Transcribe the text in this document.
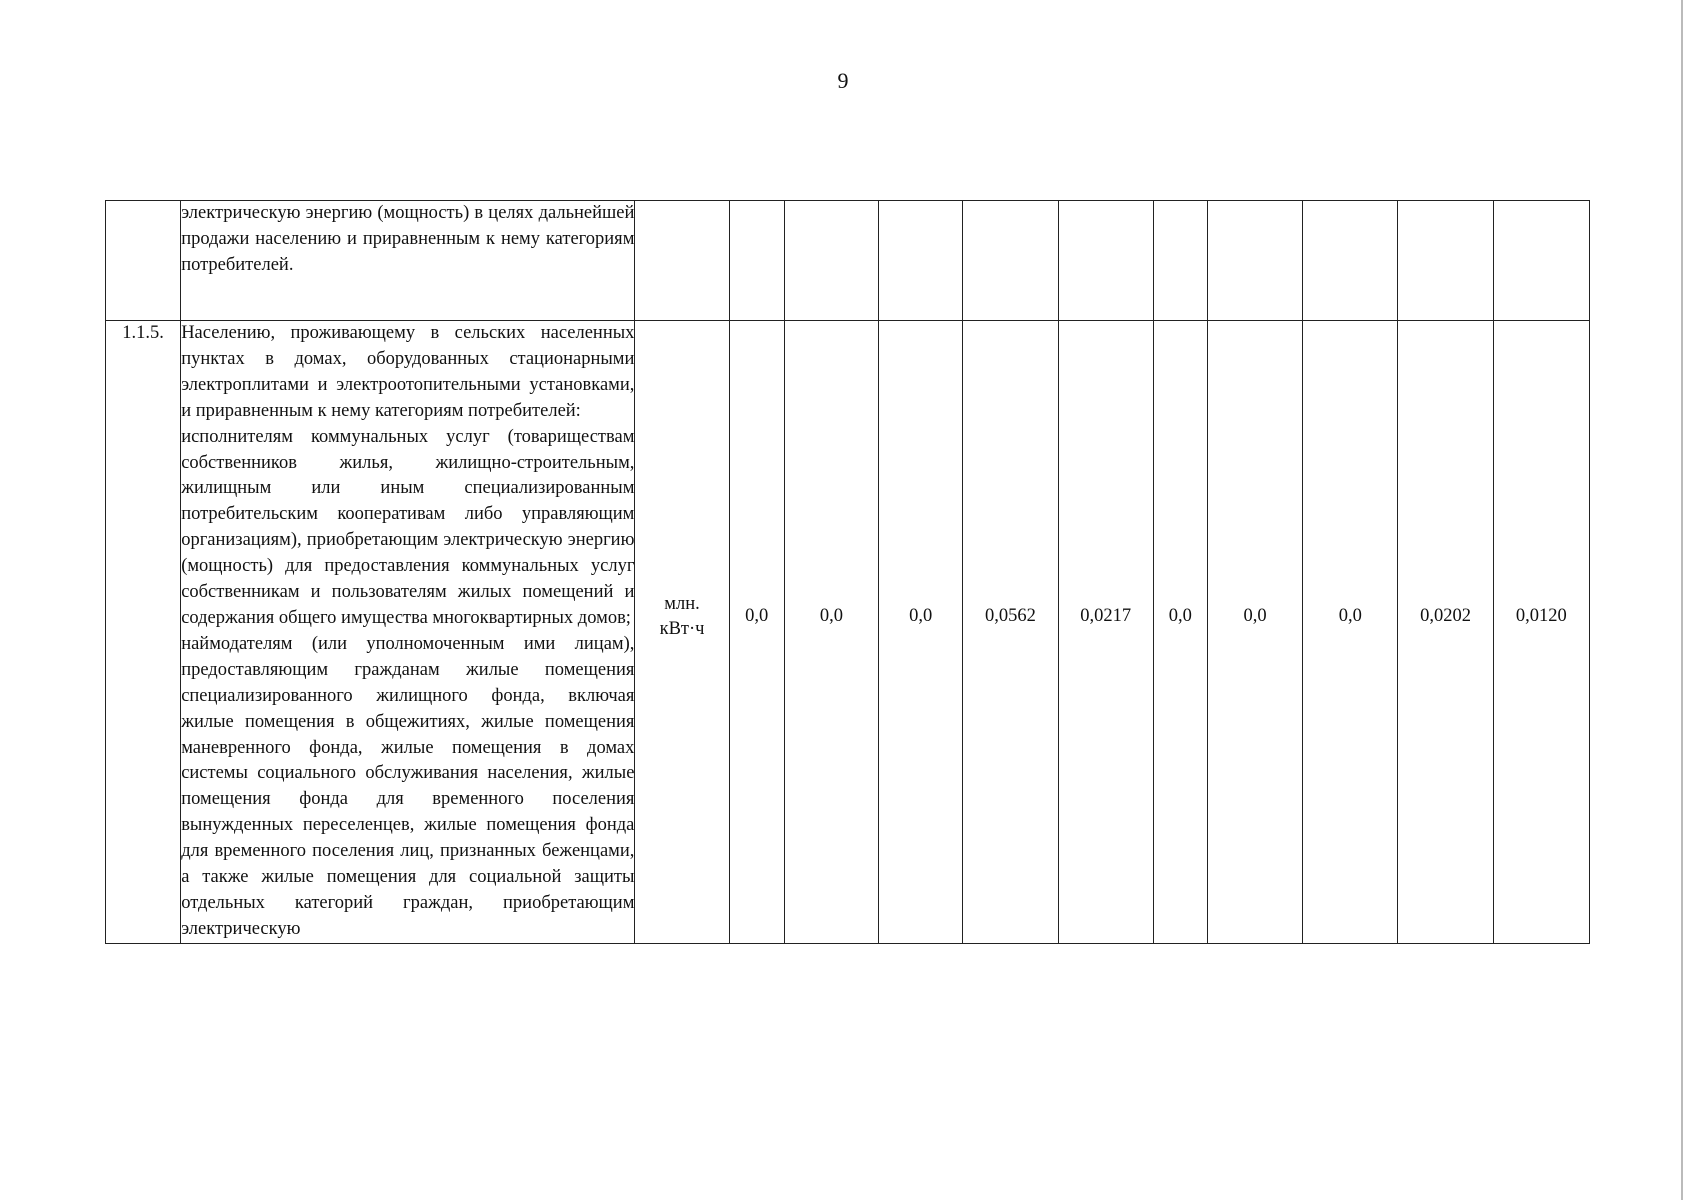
9
	электрическую энергию (мощность) в целях дальнейшей продажи населению и приравненным к нему категориям потребителей.	

1.1.5.	Населению, проживающему в сельских населенных пунктах в домах, оборудованных стационарными электроплитами и электроотопительными установками, и приравненным к нему категориям потребителей:
исполнителям коммунальных услуг (товариществам собственников жилья, жилищно-строительным, жилищным или иным специализированным потребительским кооперативам либо управляющим организациям), приобретающим электрическую энергию (мощность) для предоставления коммунальных услуг собственникам и пользователям жилых помещений и содержания общего имущества многоквартирных домов;
наймодателям (или уполномоченным ими лицам), предоставляющим гражданам жилые помещения специализированного жилищного фонда, включая жилые помещения в общежитиях, жилые помещения маневренного фонда, жилые помещения в домах системы социального обслуживания населения, жилые помещения фонда для временного поселения вынужденных переселенцев, жилые помещения фонда для временного поселения лиц, признанных беженцами, а также жилые помещения для социальной защиты отдельных категорий граждан, приобретающим электрическую	млн.
кВт·ч	0,0	0,0	0,0	0,0562	0,0217	0,0	0,0	0,0	0,0202	0,0120
